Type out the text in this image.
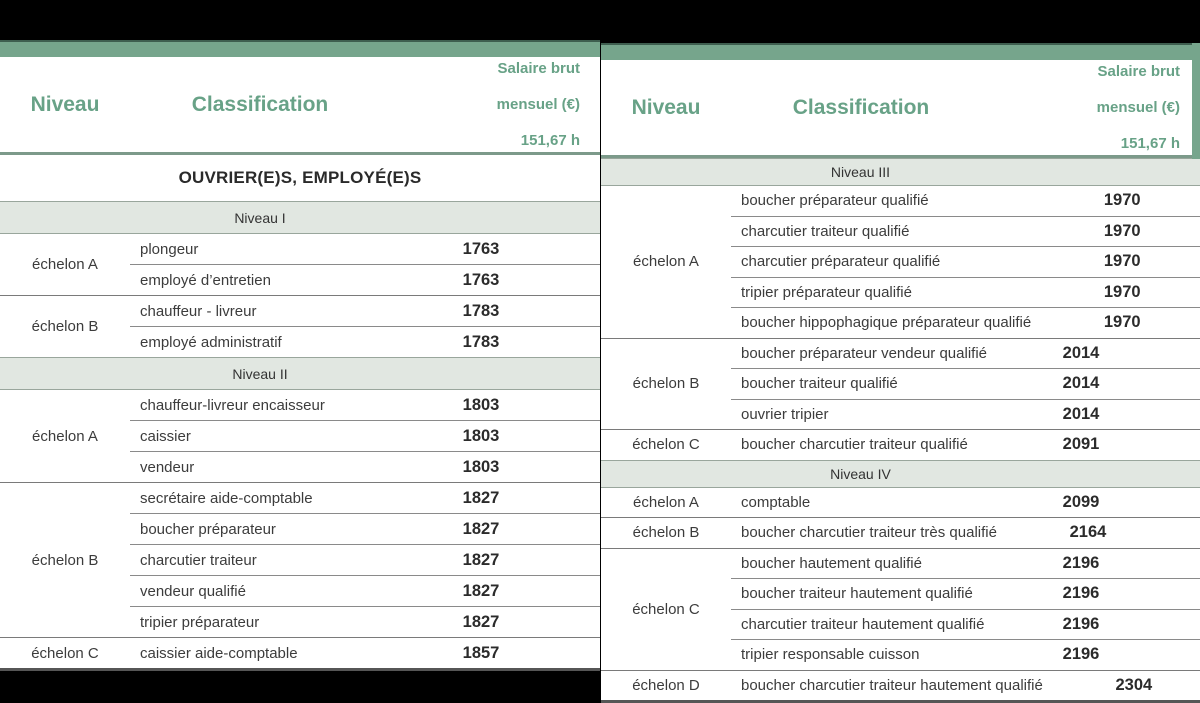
Niveau	Classification
Salaire brut
mensuel (€)
151,67 h
OUVRIER(E)S, EMPLOYÉ(E)S
Niveau I
échelon A
plongeur	1763
employé d’entretien	1763
échelon B
chauffeur - livreur	1783
employé administratif	1783
Niveau II
échelon A
chauffeur-livreur encaisseur	1803
caissier	1803
vendeur	1803
échelon B
secrétaire aide-comptable	1827
boucher préparateur	1827
charcutier traiteur	1827
vendeur qualifié	1827
tripier préparateur	1827
échelon C	caissier aide-comptable	1857
Niveau	Classification
Salaire brut
mensuel (€)
151,67 h
Niveau III
échelon A
boucher préparateur qualifié	1970
charcutier traiteur qualifié	1970
charcutier préparateur qualifié	1970
tripier préparateur qualifié	1970
boucher hippophagique préparateur qualifié	1970
échelon B
boucher préparateur vendeur qualifié	2014
boucher traiteur qualifié	2014
ouvrier tripier	2014
échelon C	boucher charcutier traiteur qualifié	2091
Niveau IV
échelon A	comptable	2099
échelon B	boucher charcutier traiteur très qualifié	2164
échelon C
boucher hautement qualifié	2196
boucher traiteur hautement qualifié	2196
charcutier traiteur hautement qualifié	2196
tripier responsable cuisson	2196
échelon D	boucher charcutier traiteur hautement qualifié	2304
